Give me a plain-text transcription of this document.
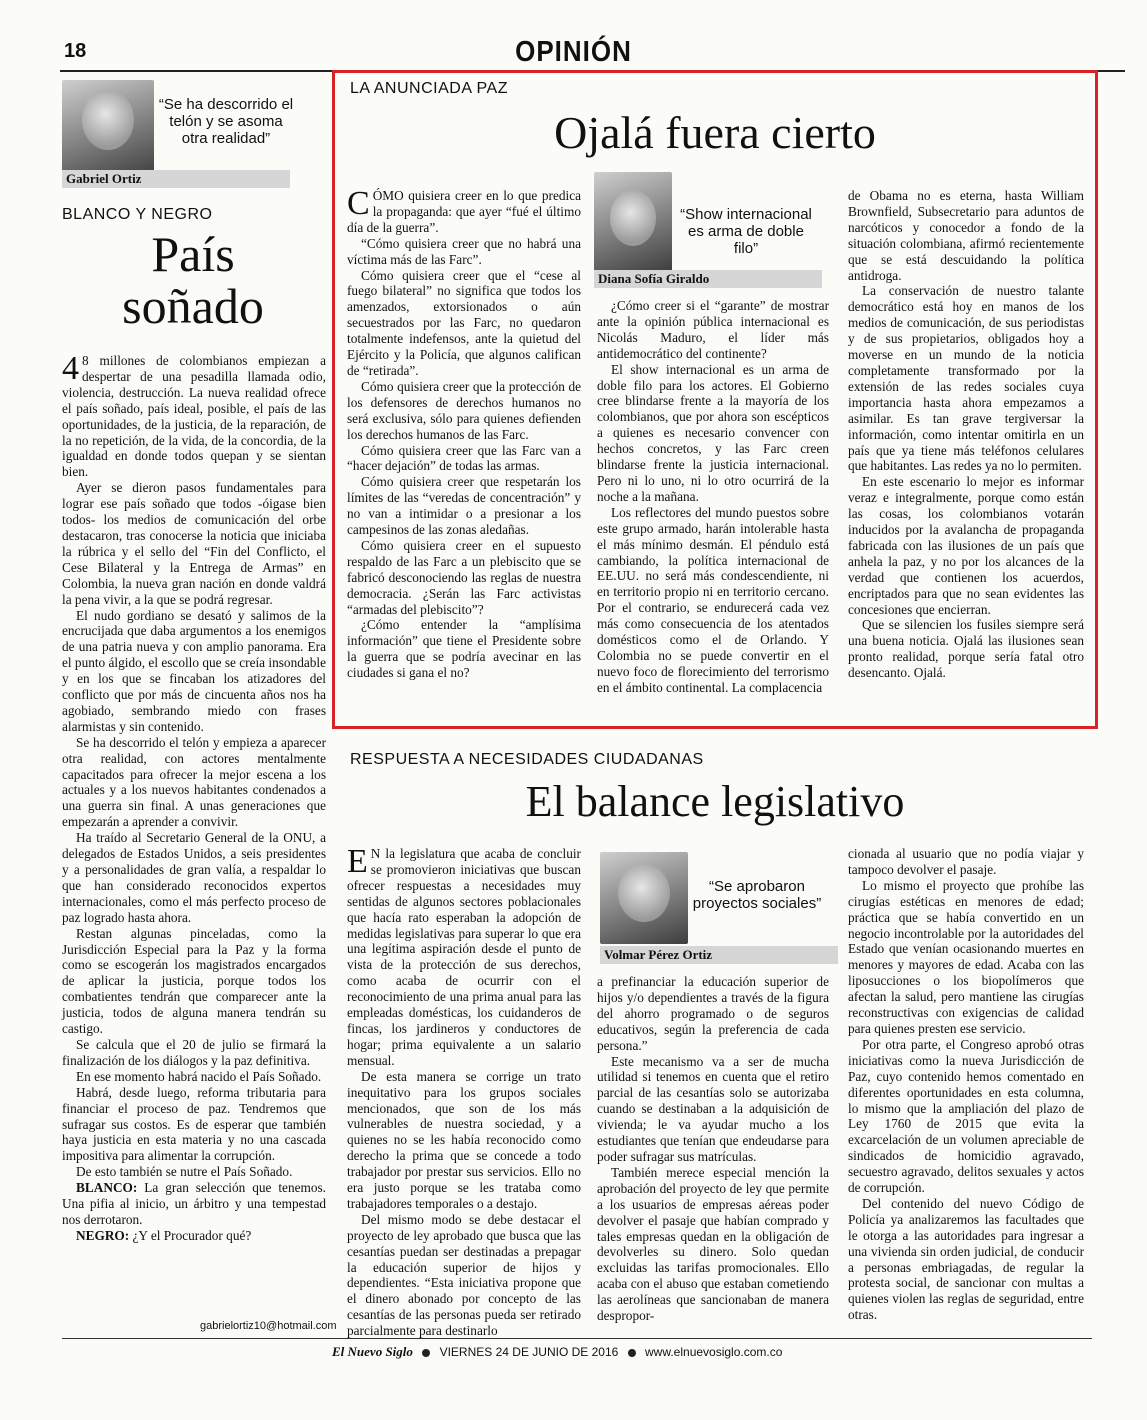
18	OPINIÓN
Gabriel Ortiz
“Se ha descorrido el telón y se asoma otra realidad”
BLANCO Y NEGRO
País
soñado

4 8 millones de colombianos empiezan a despertar de una pesadilla llamada odio, violencia, destrucción. La nueva realidad ofrece el país soñado, país ideal, posible, el país de las oportunidades, de la justicia, de la reparación, de la no repetición, de la vida, de la concordia, de la igualdad en donde todos quepan y se sientan bien.

Ayer se dieron pasos fundamentales para lograr ese país soñado que todos -óigase bien todos- los medios de comunicación del orbe destacaron, tras conocerse la noticia que iniciaba la rúbrica y el sello del “Fin del Conflicto, el Cese Bilateral y la Entrega de Armas” en Colombia, la nueva gran nación en donde valdrá la pena vivir, a la que se podrá regresar.

El nudo gordiano se desató y salimos de la encrucijada que daba argumentos a los enemigos de una patria nueva y con amplio panorama. Era el punto álgido, el escollo que se creía insondable y en los que se fincaban los atizadores del conflicto que por más de cincuenta años nos ha agobiado, sembrando miedo con frases alarmistas y sin contenido.

Se ha descorrido el telón y empieza a aparecer otra realidad, con actores mentalmente capacitados para ofrecer la mejor escena a los actuales y a los nuevos habitantes condenados a una guerra sin final. A unas generaciones que empezarán a aprender a convivir.

Ha traído al Secretario General de la ONU, a delegados de Estados Unidos, a seis presidentes y a personalidades de gran valía, a respaldar lo que han considerado reconocidos expertos internacionales, como el más perfecto proceso de paz logrado hasta ahora.

Restan algunas pinceladas, como la Jurisdicción Especial para la Paz y la forma como se escogerán los magistrados encargados de aplicar la justicia, porque todos los combatientes tendrán que comparecer ante la justicia, todos de alguna manera tendrán su castigo.

Se calcula que el 20 de julio se firmará la finalización de los diálogos y la paz definitiva.

En ese momento habrá nacido el País Soñado.

Habrá, desde luego, reforma tributaria para financiar el proceso de paz. Tendremos que sufragar sus costos. Es de esperar que también haya justicia en esta materia y no una cascada impositiva para alimentar la corrupción.

De esto también se nutre el País Soñado.

BLANCO: La gran selección que tenemos. Una pifia al inicio, un árbitro y una tempestad nos derrotaron.

NEGRO: ¿Y el Procurador qué?

gabrielortiz10@hotmail.com
LA ANUNCIADA PAZ
Ojalá fuera cierto

CÓMO quisiera creer en lo que predica la propaganda: que ayer “fué el último día de la guerra”.

“Cómo quisiera creer que no habrá una víctima más de las Farc”.

Cómo quisiera creer que el “cese al fuego bilateral” no significa que todos los amenzados, extorsionados o aún secuestrados por las Farc, no quedaron totalmente indefensos, ante la quietud del Ejército y la Policía, que algunos califican de “retirada”.

Cómo quisiera creer que la protección de los defensores de derechos humanos no será exclusiva, sólo para quienes defienden los derechos humanos de las Farc.

Cómo quisiera creer que las Farc van a “hacer dejación” de todas las armas.

Cómo quisiera creer que respetarán los límites de las “veredas de concentración” y no van a intimidar o a presionar a los campesinos de las zonas aledañas.

Cómo quisiera creer en el supuesto respaldo de las Farc a un plebiscito que se fabricó desconociendo las reglas de nuestra democracia. ¿Serán las Farc activistas “armadas del plebiscito”?

¿Cómo entender la “amplísima información” que tiene el Presidente sobre la guerra que se podría avecinar en las ciudades si gana el no?

Diana Sofía Giraldo
“Show internacional es arma de doble filo”

¿Cómo creer si el “garante” de mostrar ante la opinión pública internacional es Nicolás Maduro, el líder más antidemocrático del continente?

El show internacional es un arma de doble filo para los actores. El Gobierno cree blindarse frente a la mayoría de los colombianos, que por ahora son escépticos a quienes es necesario convencer con hechos concretos, y las Farc creen blindarse frente la justicia internacional. Pero ni lo uno, ni lo otro ocurrirá de la noche a la mañana.

Los reflectores del mundo puestos sobre este grupo armado, harán intolerable hasta el más mínimo desmán. El péndulo está cambiando, la política internacional de EE.UU. no será más condescendiente, ni en territorio propio ni en territorio cercano. Por el contrario, se endurecerá cada vez más como consecuencia de los atentados domésticos como el de Orlando. Y Colombia no se puede convertir en el nuevo foco de florecimiento del terrorismo en el ámbito continental. La complacencia

de Obama no es eterna, hasta William Brownfield, Subsecretario para aduntos de narcóticos y conocedor a fondo de la situación colombiana, afirmó recientemente que se está descuidando la política antidroga.

La conservación de nuestro talante democrático está hoy en manos de los medios de comunicación, de sus periodistas y de sus propietarios, obligados hoy a moverse en un mundo de la noticia completamente transformado por la extensión de las redes sociales cuya importancia hasta ahora empezamos a asimilar. Es tan grave tergiversar la información, como intentar omitirla en un país que ya tiene más teléfonos celulares que habitantes. Las redes ya no lo permiten.

En este escenario lo mejor es informar veraz e integralmente, porque como están las cosas, los colombianos votarán inducidos por la avalancha de propaganda fabricada con las ilusiones de un país que anhela la paz, y no por los alcances de la verdad que contienen los acuerdos, encriptados para que no sean evidentes las concesiones que encierran.

Que se silencien los fusiles siempre será una buena noticia. Ojalá las ilusiones sean pronto realidad, porque sería fatal otro desencanto. Ojalá.

RESPUESTA A NECESIDADES CIUDADANAS
El balance legislativo

E N la legislatura que acaba de concluir se promovieron iniciativas que buscan ofrecer respuestas a necesidades muy sentidas de algunos sectores poblacionales que hacía rato esperaban la adopción de medidas legislativas para superar lo que era una legítima aspiración desde el punto de vista de la protección de sus derechos, como acaba de ocurrir con el reconocimiento de una prima anual para las empleadas domésticas, los cuidanderos de fincas, los jardineros y conductores de hogar; prima equivalente a un salario mensual.

De esta manera se corrige un trato inequitativo para los grupos sociales mencionados, que son de los más vulnerables de nuestra sociedad, y a quienes no se les había reconocido como derecho la prima que se concede a todo trabajador por prestar sus servicios. Ello no era justo porque se les trataba como trabajadores temporales o a destajo.

Del mismo modo se debe destacar el proyecto de ley aprobado que busca que las cesantías puedan ser destinadas a prepagar la educación superior de hijos y dependientes. “Esta iniciativa propone que el dinero abonado por concepto de las cesantías de las personas pueda ser retirado parcialmente para destinarlo

Volmar Pérez Ortiz
“Se aprobaron proyectos sociales”

a prefinanciar la educación superior de hijos y/o dependientes a través de la figura del ahorro programado o de seguros educativos, según la preferencia de cada persona.”

Este mecanismo va a ser de mucha utilidad si tenemos en cuenta que el retiro parcial de las cesantías solo se autorizaba cuando se destinaban a la adquisición de vivienda; le va ayudar mucho a los estudiantes que tenían que endeudarse para poder sufragar sus matrículas.

También merece especial mención la aprobación del proyecto de ley que permite a los usuarios de empresas aéreas poder devolver el pasaje que habían comprado y tales empresas quedan en la obligación de devolverles su dinero. Solo quedan excluidas las tarifas promocionales. Ello acaba con el abuso que estaban cometiendo las aerolíneas que sancionaban de manera despropor-

cionada al usuario que no podía viajar y tampoco devolver el pasaje.

Lo mismo el proyecto que prohíbe las cirugías estéticas en menores de edad; práctica que se había convertido en un negocio incontrolable por la autoridades del Estado que venían ocasionando muertes en menores y mayores de edad. Acaba con las liposucciones o los biopolímeros que afectan la salud, pero mantiene las cirugías reconstructivas con exigencias de calidad para quienes presten ese servicio.

Por otra parte, el Congreso aprobó otras iniciativas como la nueva Jurisdicción de Paz, cuyo contenido hemos comentado en diferentes oportunidades en esta columna, lo mismo que la ampliación del plazo de Ley 1760 de 2015 que evita la excarcelación de un volumen apreciable de sindicados de homicidio agravado, secuestro agravado, delitos sexuales y actos de corrupción.

Del contenido del nuevo Código de Policía ya analizaremos las facultades que le otorga a las autoridades para ingresar a una vivienda sin orden judicial, de conducir a personas embriagadas, de regular la protesta social, de sancionar con multas a quienes violen las reglas de seguridad, entre otras.

El Nuevo Siglo VIERNES 24 DE JUNIO DE 2016 www.elnuevosiglo.com.co
